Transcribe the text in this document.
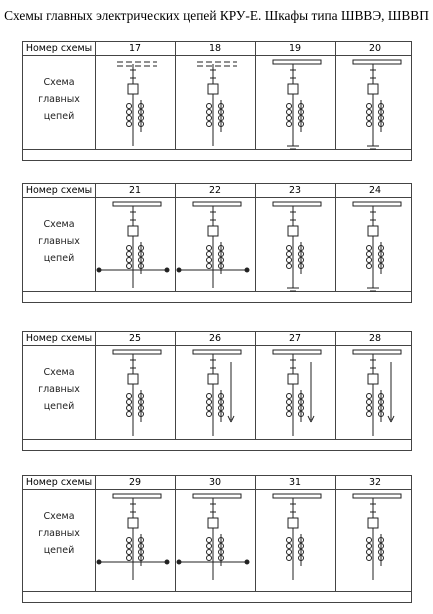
Схемы главных электрических цепей КРУ-Е. Шкафы типа ШВВЭ, ШВВП
Номер схемы	17	18	19	20
Схема
главных
цепей
Номер схемы	21	22	23	24
Схема
главных
цепей
Номер схемы	25	26	27	28
Схема
главных
цепей
Номер схемы	29	30	31	32
Схема
главных
цепей
